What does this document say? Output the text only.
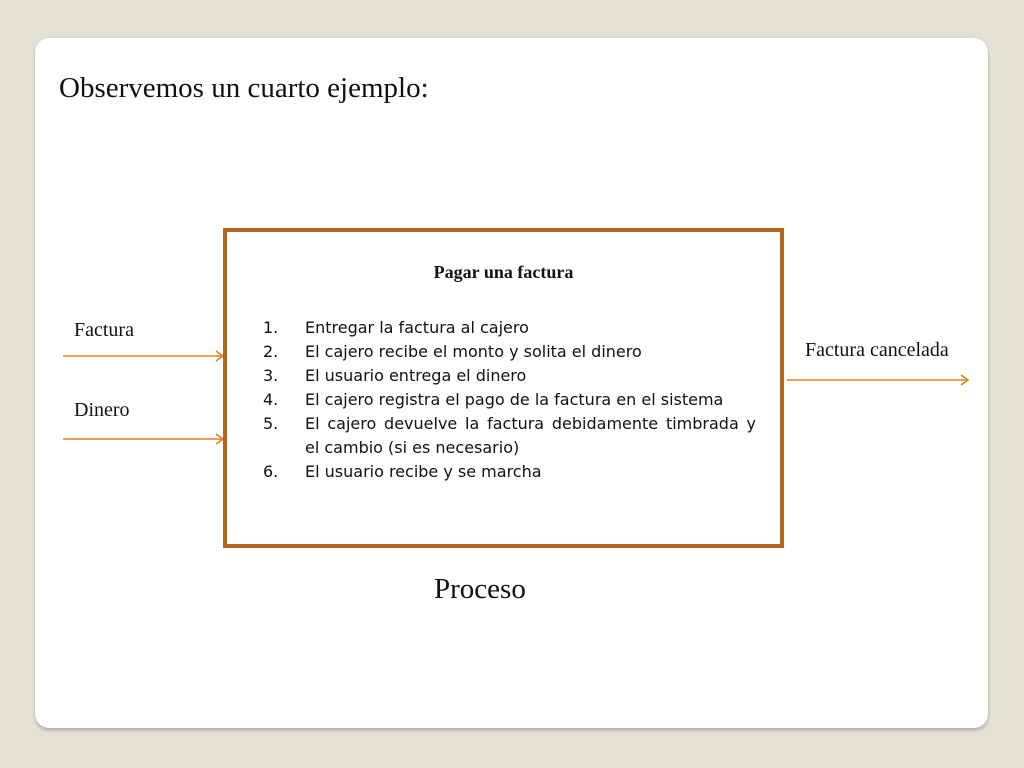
Observemos un cuarto ejemplo:
Factura
Dinero
Pagar una factura
1. Entregar la factura al cajero
2. El cajero recibe el monto y solita el dinero
3. El usuario entrega el dinero
4. El cajero registra el pago de la factura en el sistema
5. El cajero devuelve la factura debidamente timbrada y el cambio (si es necesario)
6. El usuario recibe y se marcha
Factura cancelada
Proceso
